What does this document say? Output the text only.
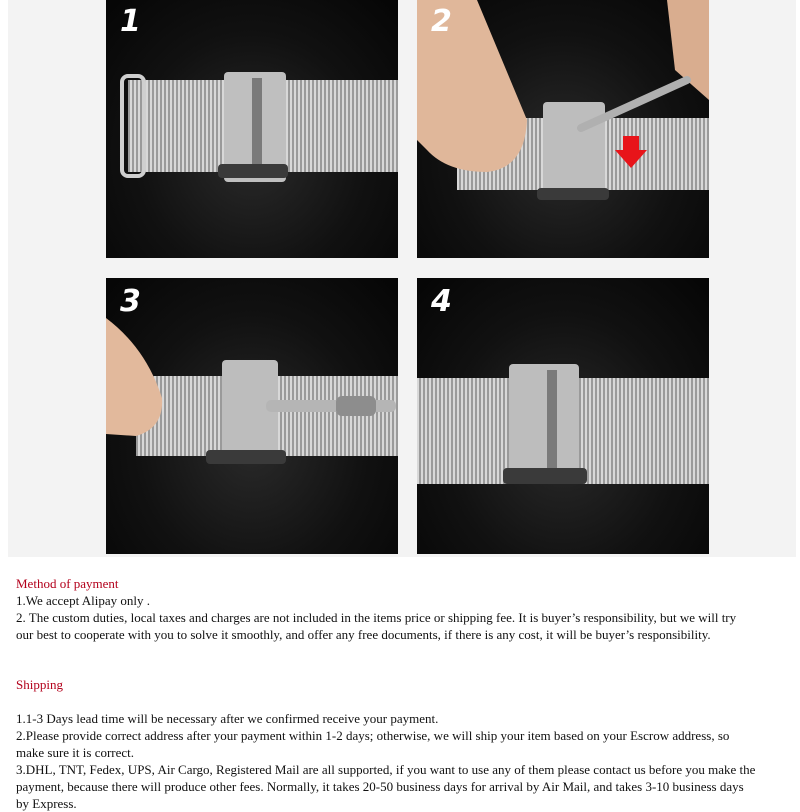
1	2
3	4

Method of payment

1.We accept Alipay only .

2. The custom duties, local taxes and charges are not included in the items price or shipping fee. It is buyer’s responsibility, but we will try our best to cooperate with you to solve it smoothly, and offer any free documents, if there is any cost, it will be buyer’s responsibility.

Shipping

1.1-3 Days lead time will be necessary after we confirmed receive your payment.

2.Please provide correct address after your payment within 1-2 days; otherwise, we will ship your item based on your Escrow address, so make sure it is correct.

3.DHL, TNT, Fedex, UPS, Air Cargo, Registered Mail are all supported, if you want to use any of them please contact us before you make the payment, because there will produce other fees. Normally, it takes 20-50 business days for arrival by Air Mail, and takes 3-10 business days by Express.
